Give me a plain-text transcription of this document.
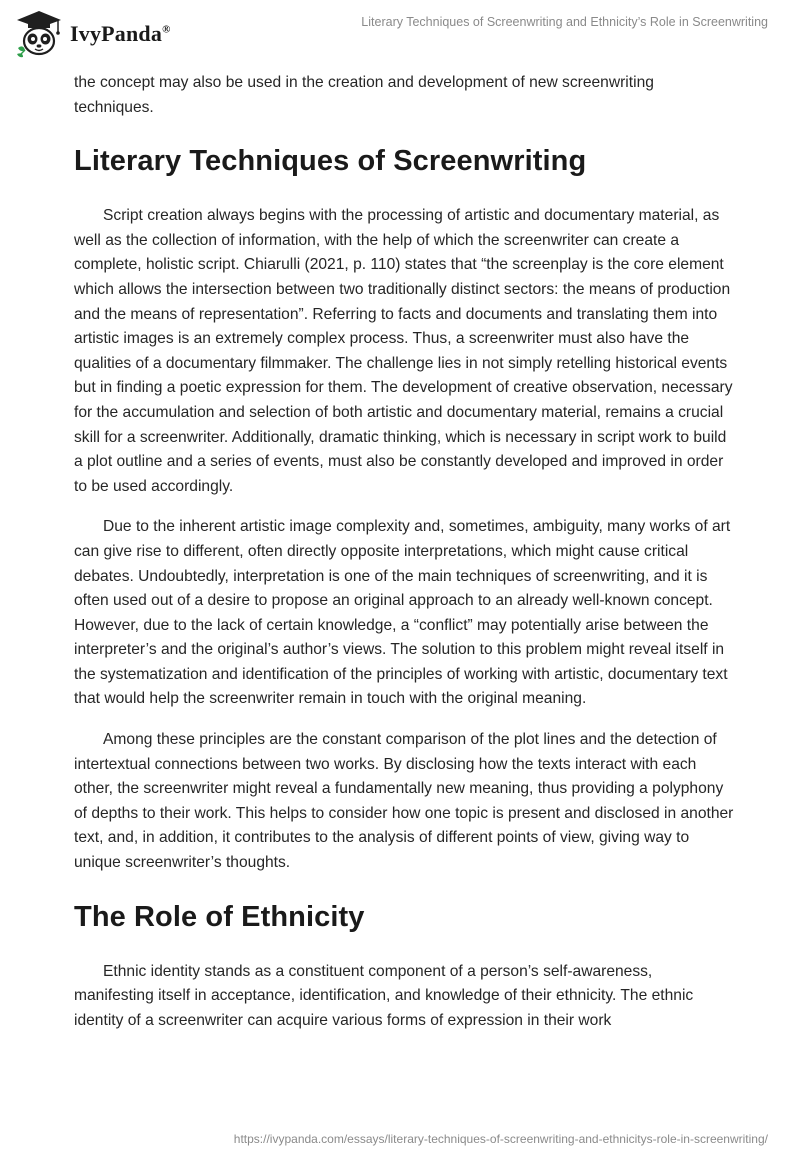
IvyPanda®
Literary Techniques of Screenwriting and Ethnicity’s Role in Screenwriting

the concept may also be used in the creation and development of new screenwriting techniques.

Literary Techniques of Screenwriting

Script creation always begins with the processing of artistic and documentary material, as well as the collection of information, with the help of which the screenwriter can create a complete, holistic script. Chiarulli (2021, p. 110) states that “the screenplay is the core element which allows the intersection between two traditionally distinct sectors: the means of production and the means of representation”. Referring to facts and documents and translating them into artistic images is an extremely complex process. Thus, a screenwriter must also have the qualities of a documentary filmmaker. The challenge lies in not simply retelling historical events but in finding a poetic expression for them. The development of creative observation, necessary for the accumulation and selection of both artistic and documentary material, remains a crucial skill for a screenwriter. Additionally, dramatic thinking, which is necessary in script work to build a plot outline and a series of events, must also be constantly developed and improved in order to be used accordingly.

Due to the inherent artistic image complexity and, sometimes, ambiguity, many works of art can give rise to different, often directly opposite interpretations, which might cause critical debates. Undoubtedly, interpretation is one of the main techniques of screenwriting, and it is often used out of a desire to propose an original approach to an already well-known concept. However, due to the lack of certain knowledge, a “conflict” may potentially arise between the interpreter’s and the original’s author’s views. The solution to this problem might reveal itself in the systematization and identification of the principles of working with artistic, documentary text that would help the screenwriter remain in touch with the original meaning.

Among these principles are the constant comparison of the plot lines and the detection of intertextual connections between two works. By disclosing how the texts interact with each other, the screenwriter might reveal a fundamentally new meaning, thus providing a polyphony of depths to their work. This helps to consider how one topic is present and disclosed in another text, and, in addition, it contributes to the analysis of different points of view, giving way to unique screenwriter’s thoughts.

The Role of Ethnicity

Ethnic identity stands as a constituent component of a person’s self-awareness, manifesting itself in acceptance, identification, and knowledge of their ethnicity. The ethnic identity of a screenwriter can acquire various forms of expression in their work

https://ivypanda.com/essays/literary-techniques-of-screenwriting-and-ethnicitys-role-in-screenwriting/
